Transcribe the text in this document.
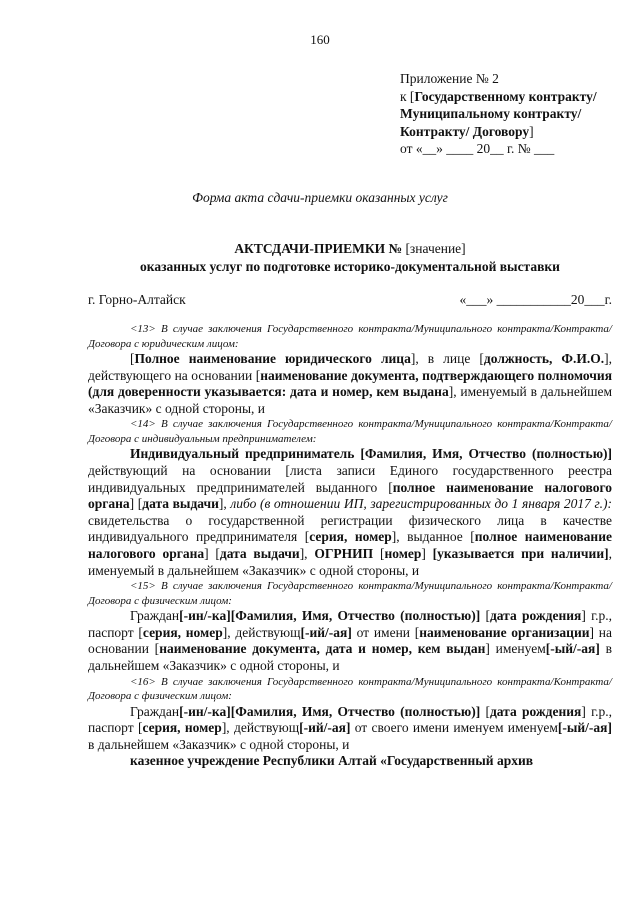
160
Приложение № 2
к [Государственному контракту/Муниципальному контракту/Контракту/ Договору]
от «__» ____ 20__ г. № ___
Форма акта сдачи-приемки оказанных услуг
АКТСДАЧИ-ПРИЕМКИ № [значение]
оказанных услуг по подготовке историко-документальной выставки
г. Горно-Алтайск	«___» ___________20___г.

<13> В случае заключения Государственного контракта/Муниципального контракта/Контракта/Договора с юридическим лицом:

[Полное наименование юридического лица], в лице [должность, Ф.И.О.], действующего на основании [наименование документа, подтверждающего полномочия (для доверенности указывается: дата и номер, кем выдана], именуемый в дальнейшем «Заказчик» с одной стороны, и

<14> В случае заключения Государственного контракта/Муниципального контракта/Контракта/Договора с индивидуальным предпринимателем:

Индивидуальный предприниматель [Фамилия, Имя, Отчество (полностью)] действующий на основании [листа записи Единого государственного реестра индивидуальных предпринимателей выданного [полное наименование налогового органа] [дата выдачи], либо (в отношении ИП, зарегистрированных до 1 января 2017 г.): свидетельства о государственной регистрации физического лица в качестве индивидуального предпринимателя [серия, номер], выданное [полное наименование налогового органа] [дата выдачи], ОГРНИП [номер] [указывается при наличии], именуемый в дальнейшем «Заказчик» с одной стороны, и

<15> В случае заключения Государственного контракта/Муниципального контракта/Контракта/Договора с физическим лицом:

Граждан[-ин/-ка][Фамилия, Имя, Отчество (полностью)] [дата рождения] г.р., паспорт [серия, номер], действующ[-ий/-ая] от имени [наименование организации] на основании [наименование документа, дата и номер, кем выдан] именуем[-ый/-ая] в дальнейшем «Заказчик» с одной стороны, и

<16> В случае заключения Государственного контракта/Муниципального контракта/Контракта/Договора с физическим лицом:

Граждан[-ин/-ка][Фамилия, Имя, Отчество (полностью)] [дата рождения] г.р., паспорт [серия, номер], действующ[-ий/-ая] от своего имени именуем именуем[-ый/-ая] в дальнейшем «Заказчик» с одной стороны, и

казенное учреждение Республики Алтай «Государственный архив
